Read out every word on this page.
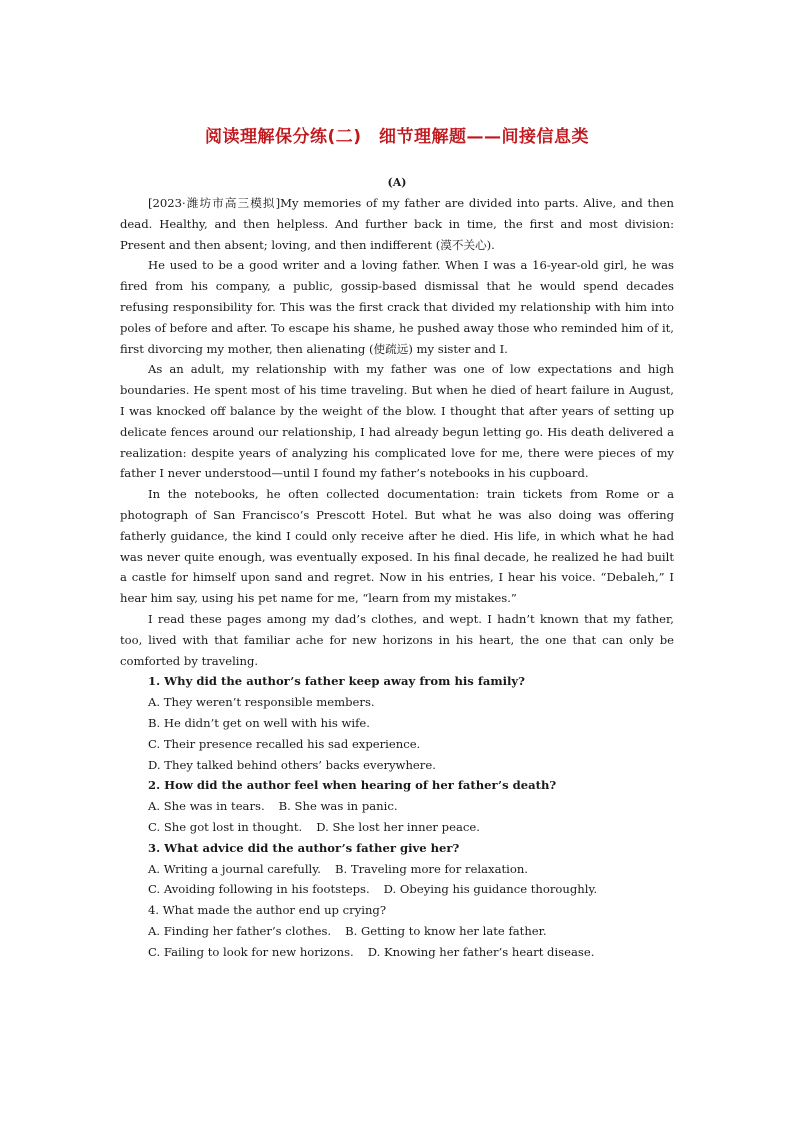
阅读理解保分练(二)　细节理解题——间接信息类
(A)

[2023·潍坊市高三模拟]My memories of my father are divided into parts. Alive, and then dead. Healthy, and then helpless. And further back in time, the first and most division: Present and then absent; loving, and then indifferent (漠不关心).

He used to be a good writer and a loving father. When I was a 16-year-old girl, he was fired from his company, a public, gossip-based dismissal that he would spend decades refusing responsibility for. This was the first crack that divided my relationship with him into poles of before and after. To escape his shame, he pushed away those who reminded him of it, first divorcing my mother, then alienating (使疏远) my sister and I.

As an adult, my relationship with my father was one of low expectations and high boundaries. He spent most of his time traveling. But when he died of heart failure in August, I was knocked off balance by the weight of the blow. I thought that after years of setting up delicate fences around our relationship, I had already begun letting go. His death delivered a realization: despite years of analyzing his complicated love for me, there were pieces of my father I never understood—until I found my father’s notebooks in his cupboard.

In the notebooks, he often collected documentation: train tickets from Rome or a photograph of San Francisco’s Prescott Hotel. But what he was also doing was offering fatherly guidance, the kind I could only receive after he died. His life, in which what he had was never quite enough, was eventually exposed. In his final decade, he realized he had built a castle for himself upon sand and regret. Now in his entries, I hear his voice. “Debaleh,” I hear him say, using his pet name for me, “learn from my mistakes.”

I read these pages among my dad’s clothes, and wept. I hadn’t known that my father, too, lived with that familiar ache for new horizons in his heart, the one that can only be comforted by traveling.

1. Why did the author’s father keep away from his family?

A. They weren’t responsible members.

B. He didn’t get on well with his wife.

C. Their presence recalled his sad experience.

D. They talked behind others’ backs everywhere.

2. How did the author feel when hearing of her father’s death?

A. She was in tears. B. She was in panic.

C. She got lost in thought. D. She lost her inner peace.

3. What advice did the author’s father give her?

A. Writing a journal carefully. B. Traveling more for relaxation.

C. Avoiding following in his footsteps. D. Obeying his guidance thoroughly.

4. What made the author end up crying?

A. Finding her father’s clothes. B. Getting to know her late father.

C. Failing to look for new horizons. D. Knowing her father’s heart disease.
